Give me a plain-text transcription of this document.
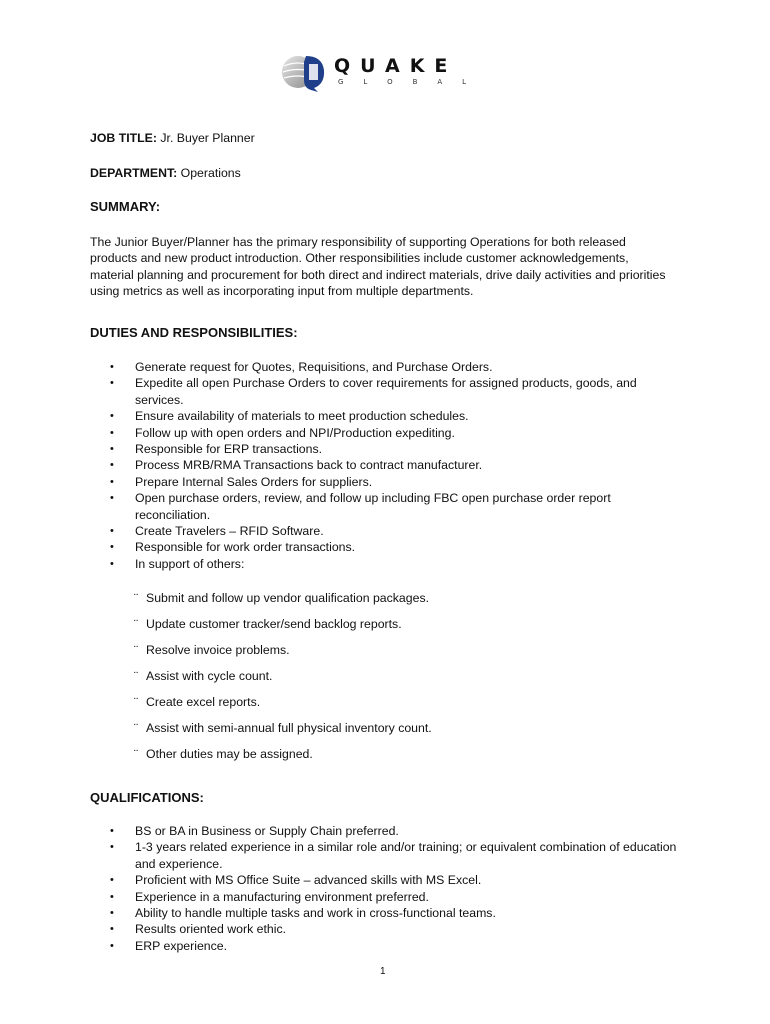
QUAKE
GLOBAL
JOB TITLE: Jr. Buyer Planner
DEPARTMENT: Operations
SUMMARY:
The Junior Buyer/Planner has the primary responsibility of supporting Operations for both released products and new product introduction. Other responsibilities include customer acknowledgements, material planning and procurement for both direct and indirect materials, drive daily activities and priorities using metrics as well as incorporating input from multiple departments.
DUTIES AND RESPONSIBILITIES:
• Generate request for Quotes, Requisitions, and Purchase Orders.
• Expedite all open Purchase Orders to cover requirements for assigned products, goods, and services.
• Ensure availability of materials to meet production schedules.
• Follow up with open orders and NPI/Production expediting.
• Responsible for ERP transactions.
• Process MRB/RMA Transactions back to contract manufacturer.
• Prepare Internal Sales Orders for suppliers.
• Open purchase orders, review, and follow up including FBC open purchase order report reconciliation.
• Create Travelers – RFID Software.
• Responsible for work order transactions.
• In support of others:
¨ Submit and follow up vendor qualification packages.
¨ Update customer tracker/send backlog reports.
¨ Resolve invoice problems.
¨ Assist with cycle count.
¨ Create excel reports.
¨ Assist with semi-annual full physical inventory count.
¨ Other duties may be assigned.
QUALIFICATIONS:
• BS or BA in Business or Supply Chain preferred.
• 1-3 years related experience in a similar role and/or training; or equivalent combination of education and experience.
• Proficient with MS Office Suite – advanced skills with MS Excel.
• Experience in a manufacturing environment preferred.
• Ability to handle multiple tasks and work in cross-functional teams.
• Results oriented work ethic.
• ERP experience.
1
